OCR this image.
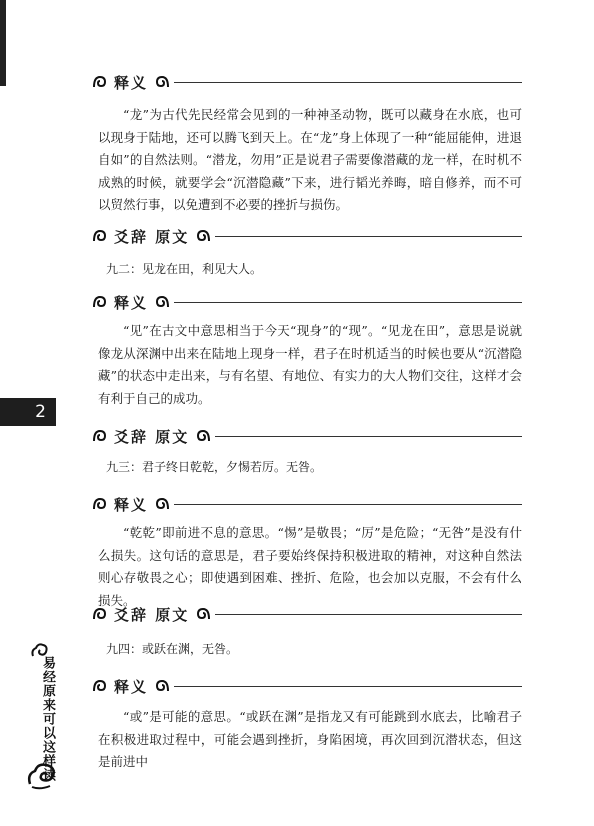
释义

“龙”为古代先民经常会见到的一种神圣动物，既可以藏身在水底，也可以现身于陆地，还可以腾飞到天上。在“龙”身上体现了一种“能屈能伸，进退自如”的自然法则。“潜龙，勿用”正是说君子需要像潜藏的龙一样，在时机不成熟的时候，就要学会“沉潜隐藏”下来，进行韬光养晦，暗自修养，而不可以贸然行事，以免遭到不必要的挫折与损伤。

爻辞 原文

九二：见龙在田，利见大人。

释义

“见”在古文中意思相当于今天“现身”的“现”。“见龙在田”，意思是说就像龙从深渊中出来在陆地上现身一样，君子在时机适当的时候也要从“沉潜隐藏”的状态中走出来，与有名望、有地位、有实力的大人物们交往，这样才会有利于自己的成功。

爻辞 原文

九三：君子终日乾乾，夕惕若厉。无咎。

释义

“乾乾”即前进不息的意思。“惕”是敬畏；“厉”是危险；“无咎”是没有什么损失。这句话的意思是，君子要始终保持积极进取的精神，对这种自然法则心存敬畏之心；即使遇到困难、挫折、危险，也会加以克服，不会有什么损失。

爻辞 原文

九四：或跃在渊，无咎。

释义

“或”是可能的意思。“或跃在渊”是指龙又有可能跳到水底去，比喻君子在积极进取过程中，可能会遇到挫折，身陷困境，再次回到沉潜状态，但这是前进中

2
易经原来可以这样读
